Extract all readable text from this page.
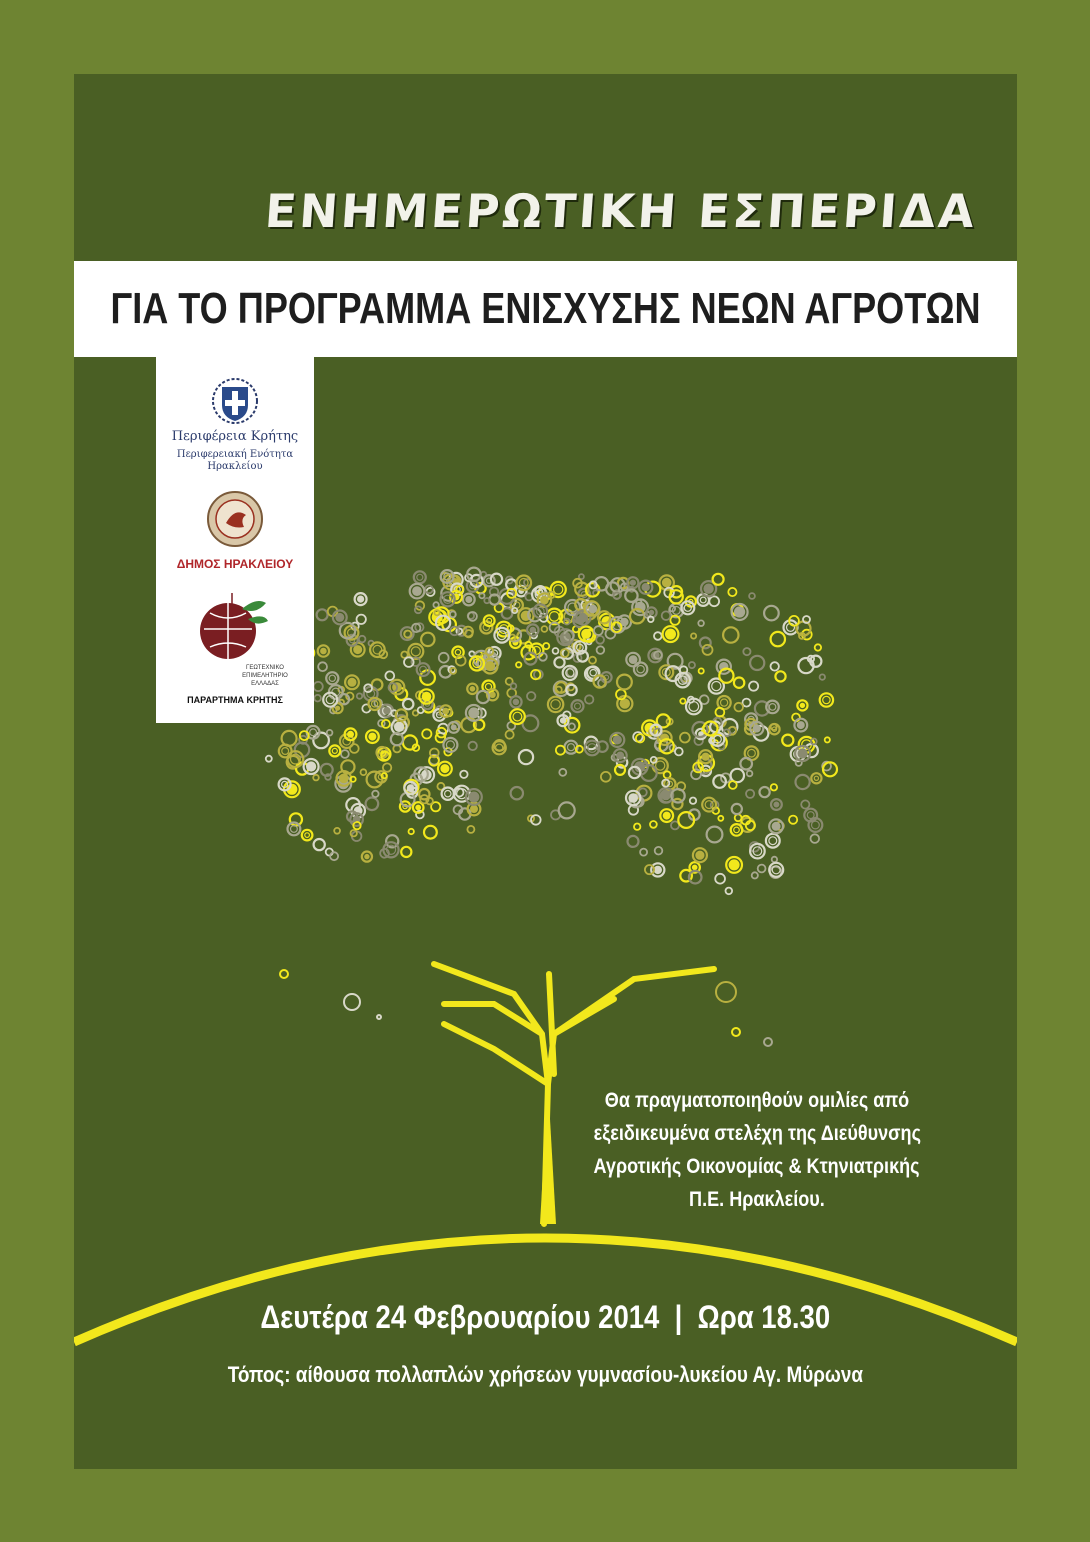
ΕΝΗΜΕΡΩΤΙΚΗ ΕΣΠΕΡΙΔΑ
ΓΙΑ ΤΟ ΠΡΟΓΡΑΜΜΑ ΕΝΙΣΧΥΣΗΣ ΝΕΩΝ ΑΓΡΟΤΩΝ
Περιφέρεια Κρήτης
Περιφερειακή Ενότητα
Ηρακλείου
ΔΗΜΟΣ ΗΡΑΚΛΕΙΟΥ
ΓΕΩΤΕΧΝΙΚΟ
ΕΠΙΜΕΛΗΤΗΡΙΟ
ΕΛΛΑΔΑΣ
ΠΑΡΑΡΤΗΜΑ ΚΡΗΤΗΣ
Θα πραγματοποιηθούν ομιλίες από
εξειδικευμένα στελέχη της Διεύθυνσης
Αγροτικής Οικονομίας & Κτηνιατρικής
Π.Ε. Ηρακλείου.
Δευτέρα 24 Φεβρουαρίου 2014  |  Ωρα 18.30
Τόπος: αίθουσα πολλαπλών χρήσεων γυμνασίου-λυκείου Αγ. Μύρωνα
